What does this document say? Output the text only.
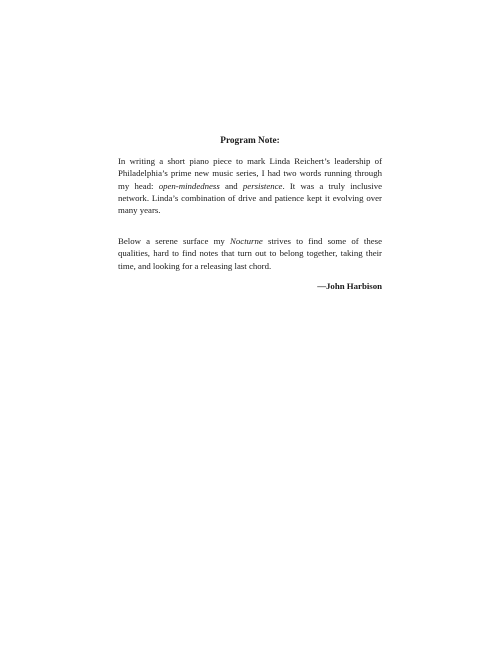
Program Note:

In writing a short piano piece to mark Linda Reichert’s leadership of Philadelphia’s prime new music series, I had two words running through my head: open-mindedness and persistence. It was a truly inclusive network. Linda’s combination of drive and patience kept it evolving over many years.

Below a serene surface my Nocturne strives to find some of these qualities, hard to find notes that turn out to belong together, taking their time, and looking for a releasing last chord.

—John Harbison
